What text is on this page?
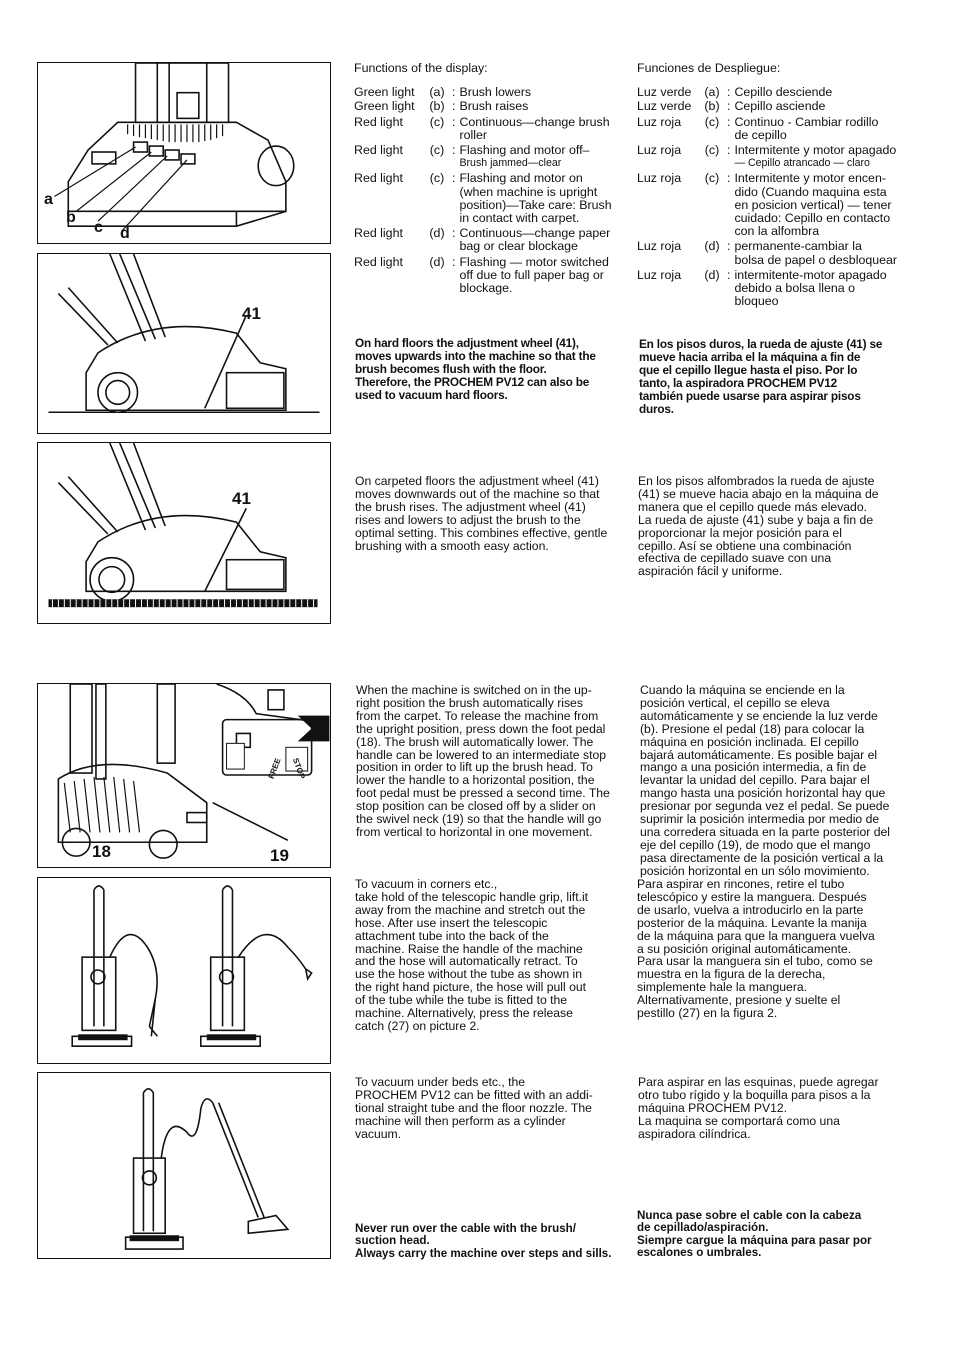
a
b
c d
41
41
FREE STOP
18	19
Functions of the display:
Green light	(a) : Brush lowers
Green light	(b) : Brush raises
Red light	(c) : Continuous—change brush
roller
Red light	(c) : Flashing and motor off–
Brush jammed—clear
Red light	(c) : Flashing and motor on
(when machine is upright
position)—Take care: Brush
in contact with carpet.
Red light	(d) : Continuous—change paper
bag or clear blockage
Red light	(d) : Flashing — motor switched
off due to full paper bag or
blockage.
Funciones de Despliegue:
Luz verde	(a) : Cepillo desciende
Luz verde	(b) : Cepillo asciende
Luz roja	(c) : Continuo - Cambiar rodillo
de cepillo
Luz roja	(c) : Intermitente y motor apagado
— Cepillo atrancado — claro
Luz roja	(c) : Intermitente y motor encen-
dido (Cuando maquina esta
en posicion vertical) — tener
cuidado: Cepillo en contacto
con la alfombra
Luz roja	(d) : permanente-cambiar la
bolsa de papel o desbloquear
Luz roja	(d) : intermitente-motor apagado
debido a bolsa llena o
bloqueo
On hard floors the adjustment wheel (41),
moves upwards into the machine so that the
brush becomes flush with the floor.
Therefore, the PROCHEM PV12 can also be
used to vacuum hard floors.
En los pisos duros, la rueda de ajuste (41) se
mueve hacia arriba el la máquina a fin de
que el cepillo llegue hasta el piso. Por lo
tanto, la aspiradora PROCHEM PV12
también puede usarse para aspirar pisos
duros.
On carpeted floors the adjustment wheel (41)
moves downwards out of the machine so that
the brush rises. The adjustment wheel (41)
rises and lowers to adjust the brush to the
optimal setting. This combines effective, gentle
brushing with a smooth easy action.
En los pisos alfombrados la rueda de ajuste
(41) se mueve hacia abajo en la máquina de
manera que el cepillo quede más elevado.
La rueda de ajuste (41) sube y baja a fin de
proporcionar la mejor posición para el
cepillo. Así se obtiene una combinación
efectiva de cepillado suave con una
aspiración fácil y uniforme.
When the machine is switched on in the up-
right position the brush automatically rises
from the carpet. To release the machine from
the upright position, press down the foot pedal
(18). The brush will automatically lower. The
handle can be lowered to an intermediate stop
position in order to lift up the brush head. To
lower the handle to a horizontal position, the
foot pedal must be pressed a second time. The
stop position can be closed off by a slider on
the swivel neck (19) so that the handle will go
from vertical to horizontal in one movement.
Cuando la máquina se enciende en la
posición vertical, el cepillo se eleva
automáticamente y se enciende la luz verde
(b). Presione el pedal (18) para colocar la
máquina en posición inclinada. El cepillo
bajará automáticamente. Es posible bajar el
mango a una posición intermedia, a fin de
levantar la unidad del cepillo. Para bajar el
mango hasta una posición horizontal hay que
presionar por segunda vez el pedal. Se puede
suprimir la posición intermedia por medio de
una corredera situada en la parte posterior del
eje del cepillo (19), de modo que el mango
pasa directamente de la posición vertical a la
posición horizontal en un sólo movimiento.
To vacuum in corners etc.,
take hold of the telescopic handle grip, lift.it
away from the machine and stretch out the
hose. After use insert the telescopic
attachment tube into the back of the
machine. Raise the handle of the machine
and the hose will automatically retract. To
use the hose without the tube as shown in
the right hand picture, the hose will pull out
of the tube while the tube is fitted to the
machine. Alternatively, press the release
catch (27) on picture 2.
Para aspirar en rincones, retire el tubo
telescópico y estire la manguera. Después
de usarlo, vuelva a introducirlo en la parte
posterior de la máquina. Levante la manija
de la máquina para que la manguera vuelva
a su posición original automáticamente.
Para usar la manguera sin el tubo, como se
muestra en la figura de la derecha,
simplemente hale la manguera.
Alternativamente, presione y suelte el
pestillo (27) en la figura 2.
To vacuum under beds etc., the
PROCHEM PV12 can be fitted with an addi-
tional straight tube and the floor nozzle. The
machine will then perform as a cylinder
vacuum.
Para aspirar en las esquinas, puede agregar
otro tubo rígido y la boquilla para pisos a la
máquina PROCHEM PV12.
La maquina se comportará como una
aspiradora cilíndrica.
Never run over the cable with the brush/
suction head.
Always carry the machine over steps and sills.
Nunca pase sobre el cable con la cabeza
de cepillado/aspiración.
Siempre cargue la máquina para pasar por
escalones o umbrales.
